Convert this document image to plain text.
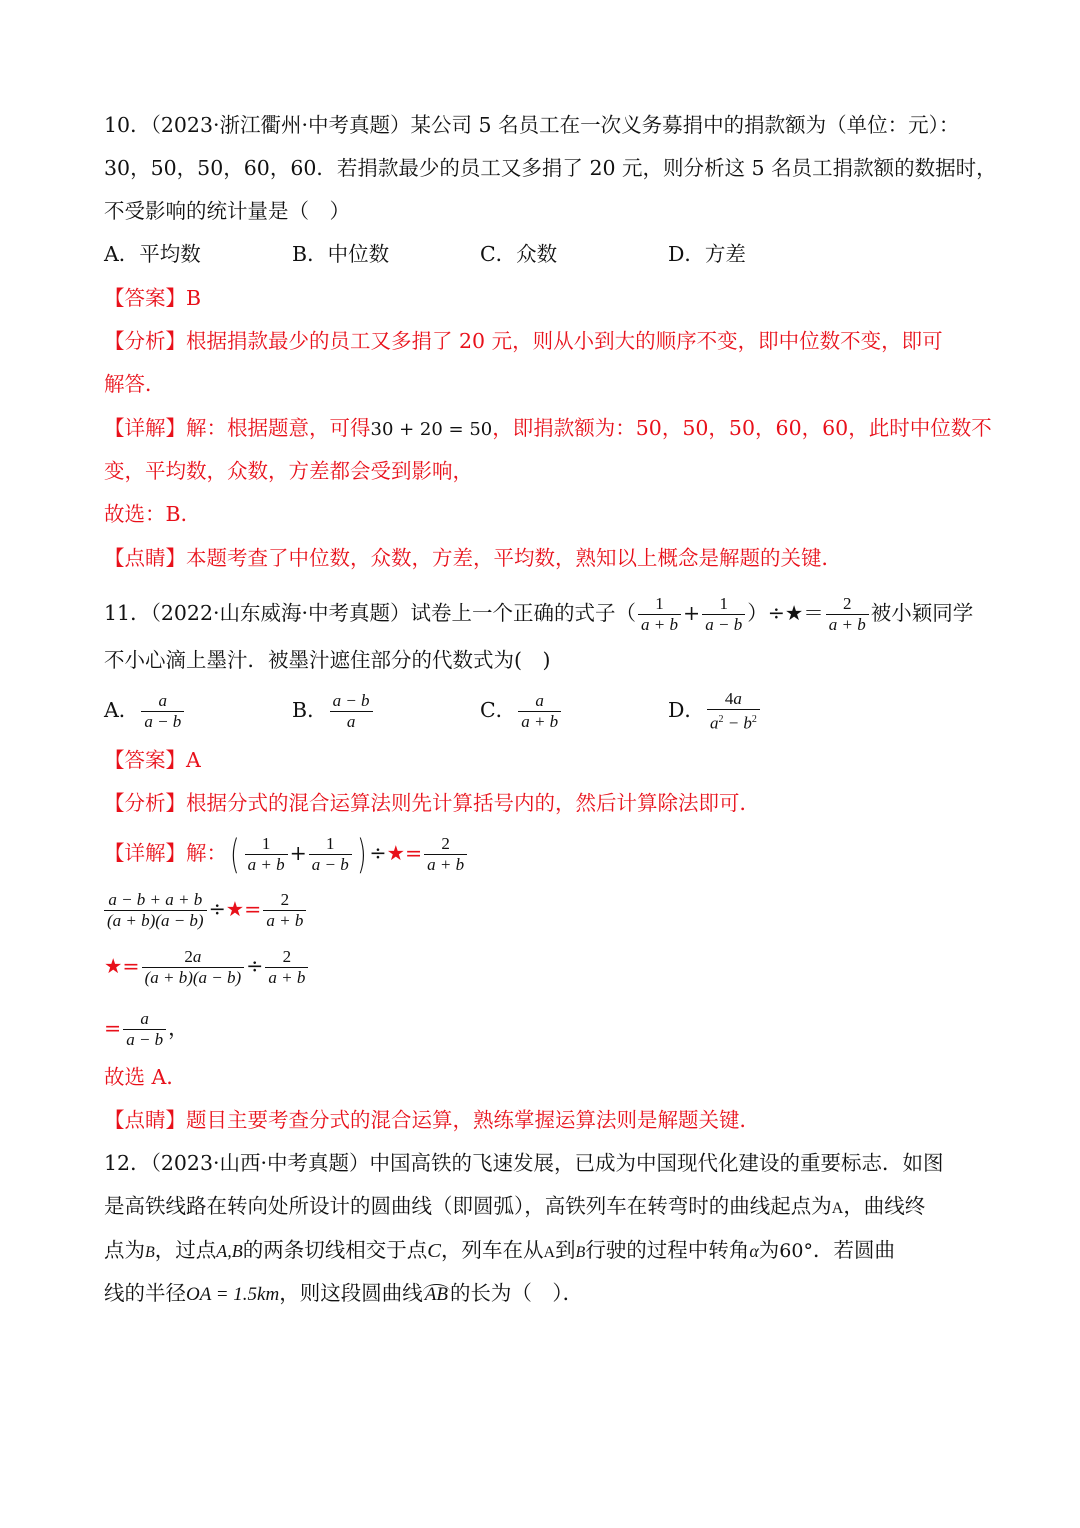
10．（2023·浙江衢州·中考真题）某公司 5 名员工在一次义务募捐中的捐款额为（单位：元）：
30，50，50，60，60．若捐款最少的员工又多捐了 20 元，则分析这 5 名员工捐款额的数据时，
不受影响的统计量是（　）
A．平均数	B．中位数	C．众数	D．方差
【答案】B
【分析】根据捐款最少的员工又多捐了 20 元，则从小到大的顺序不变，即中位数不变，即可
解答．
【详解】解：根据题意，可得30 + 20 = 50，即捐款额为：50，50，50，60，60，此时中位数不
变，平均数，众数，方差都会受到影响，
故选：B．
【点睛】本题考查了中位数，众数，方差，平均数，熟知以上概念是解题的关键．
11．（2022·山东威海·中考真题）试卷上一个正确的式子（ $\frac{1}{a + b} + \frac{1}{a - b}$ ）÷★＝ $\frac{2}{a + b}$ 被小颖同学
不小心滴上墨汁．被墨汁遮住部分的代数式为(　)
A． $\frac{a}{a - b}$	B． $\frac{a - b}{a}$	C． $\frac{a}{a + b}$	D． $\frac{4a}{a^2 - b^2}$
【答案】A
【分析】根据分式的混合运算法则先计算括号内的，然后计算除法即可．
【详解】解：( $\frac{1}{a + b} + \frac{1}{a - b}$ ) ÷★= $\frac{2}{a + b}$
$\frac{a - b + a + b}{(a + b)(a - b)}$ ÷★= $\frac{2}{a + b}$
★= $\frac{2a}{(a + b)(a - b)} \div \frac{2}{a + b}$
= $\frac{a}{a - b}$ ，
故选 A．
【点睛】题目主要考查分式的混合运算，熟练掌握运算法则是解题关键．
12．（2023·山西·中考真题）中国高铁的飞速发展，已成为中国现代化建设的重要标志．如图
是高铁线路在转向处所设计的圆曲线（即圆弧），高铁列车在转弯时的曲线起点为A，曲线终
点为B，过点A,B的两条切线相交于点C，列车在从A到B行驶的过程中转角α为60°．若圆曲
线的半径OA = 1.5km，则这段圆曲线 AB的长为（　）．
